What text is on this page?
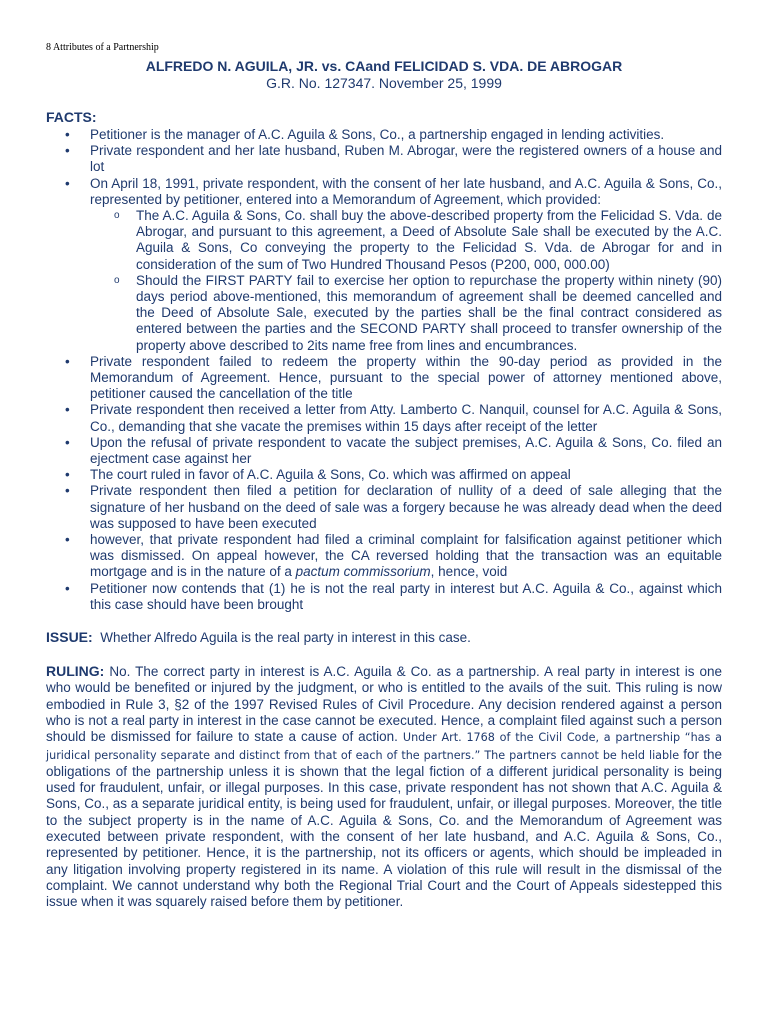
8 Attributes of a Partnership
ALFREDO N. AGUILA, JR. vs. CAand FELICIDAD S. VDA. DE ABROGAR
G.R. No. 127347. November 25, 1999
FACTS:
• Petitioner is the manager of A.C. Aguila & Sons, Co., a partnership engaged in lending activities.
• Private respondent and her late husband, Ruben M. Abrogar, were the registered owners of a house and lot
• On April 18, 1991, private respondent, with the consent of her late husband, and A.C. Aguila & Sons, Co., represented by petitioner, entered into a Memorandum of Agreement, which provided:
o The A.C. Aguila & Sons, Co. shall buy the above-described property from the Felicidad S. Vda. de Abrogar, and pursuant to this agreement, a Deed of Absolute Sale shall be executed by the A.C. Aguila & Sons, Co conveying the property to the Felicidad S. Vda. de Abrogar for and in consideration of the sum of Two Hundred Thousand Pesos (P200, 000, 000.00)
o Should the FIRST PARTY fail to exercise her option to repurchase the property within ninety (90) days period above-mentioned, this memorandum of agreement shall be deemed cancelled and the Deed of Absolute Sale, executed by the parties shall be the final contract considered as entered between the parties and the SECOND PARTY shall proceed to transfer ownership of the property above described to 2its name free from lines and encumbrances.
• Private respondent failed to redeem the property within the 90-day period as provided in the Memorandum of Agreement. Hence, pursuant to the special power of attorney mentioned above, petitioner caused the cancellation of the title
• Private respondent then received a letter from Atty. Lamberto C. Nanquil, counsel for A.C. Aguila & Sons, Co., demanding that she vacate the premises within 15 days after receipt of the letter
• Upon the refusal of private respondent to vacate the subject premises, A.C. Aguila & Sons, Co. filed an ejectment case against her
• The court ruled in favor of A.C. Aguila & Sons, Co. which was affirmed on appeal
• Private respondent then filed a petition for declaration of nullity of a deed of sale alleging that the signature of her husband on the deed of sale was a forgery because he was already dead when the deed was supposed to have been executed
• however, that private respondent had filed a criminal complaint for falsification against petitioner which was dismissed. On appeal however, the CA reversed holding that the transaction was an equitable mortgage and is in the nature of a pactum commissorium, hence, void
• Petitioner now contends that (1) he is not the real party in interest but A.C. Aguila & Co., against which this case should have been brought
ISSUE: Whether Alfredo Aguila is the real party in interest in this case.
RULING: No. The correct party in interest is A.C. Aguila & Co. as a partnership. A real party in interest is one who would be benefited or injured by the judgment, or who is entitled to the avails of the suit. This ruling is now embodied in Rule 3, §2 of the 1997 Revised Rules of Civil Procedure. Any decision rendered against a person who is not a real party in interest in the case cannot be executed. Hence, a complaint filed against such a person should be dismissed for failure to state a cause of action. Under Art. 1768 of the Civil Code, a partnership “has a juridical personality separate and distinct from that of each of the partners.” The partners cannot be held liable for the obligations of the partnership unless it is shown that the legal fiction of a different juridical personality is being used for fraudulent, unfair, or illegal purposes. In this case, private respondent has not shown that A.C. Aguila & Sons, Co., as a separate juridical entity, is being used for fraudulent, unfair, or illegal purposes. Moreover, the title to the subject property is in the name of A.C. Aguila & Sons, Co. and the Memorandum of Agreement was executed between private respondent, with the consent of her late husband, and A.C. Aguila & Sons, Co., represented by petitioner. Hence, it is the partnership, not its officers or agents, which should be impleaded in any litigation involving property registered in its name. A violation of this rule will result in the dismissal of the complaint. We cannot understand why both the Regional Trial Court and the Court of Appeals sidestepped this issue when it was squarely raised before them by petitioner.
